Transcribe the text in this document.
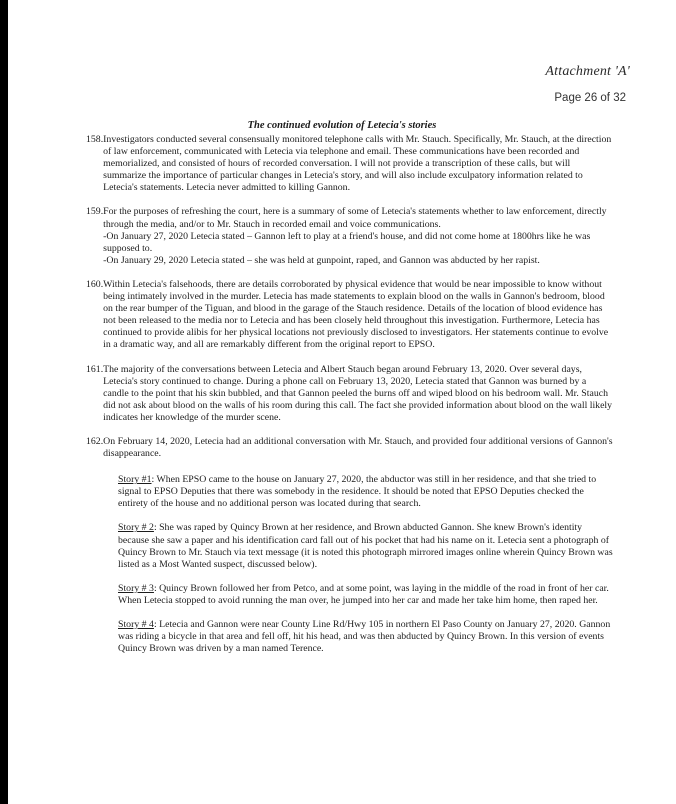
Attachment 'A'
Page 26 of 32
The continued evolution of Letecia's stories
158. Investigators conducted several consensually monitored telephone calls with Mr. Stauch. Specifically, Mr. Stauch, at the direction of law enforcement, communicated with Letecia via telephone and email. These communications have been recorded and memorialized, and consisted of hours of recorded conversation. I will not provide a transcription of these calls, but will summarize the importance of particular changes in Letecia's story, and will also include exculpatory information related to Letecia's statements. Letecia never admitted to killing Gannon.
159. For the purposes of refreshing the court, here is a summary of some of Letecia's statements whether to law enforcement, directly through the media, and/or to Mr. Stauch in recorded email and voice communications.
-On January 27, 2020 Letecia stated – Gannon left to play at a friend's house, and did not come home at 1800hrs like he was supposed to.
-On January 29, 2020 Letecia stated – she was held at gunpoint, raped, and Gannon was abducted by her rapist.
160. Within Letecia's falsehoods, there are details corroborated by physical evidence that would be near impossible to know without being intimately involved in the murder. Letecia has made statements to explain blood on the walls in Gannon's bedroom, blood on the rear bumper of the Tiguan, and blood in the garage of the Stauch residence. Details of the location of blood evidence has not been released to the media nor to Letecia and has been closely held throughout this investigation. Furthermore, Letecia has continued to provide alibis for her physical locations not previously disclosed to investigators. Her statements continue to evolve in a dramatic way, and all are remarkably different from the original report to EPSO.
161. The majority of the conversations between Letecia and Albert Stauch began around February 13, 2020. Over several days, Letecia's story continued to change. During a phone call on February 13, 2020, Letecia stated that Gannon was burned by a candle to the point that his skin bubbled, and that Gannon peeled the burns off and wiped blood on his bedroom wall. Mr. Stauch did not ask about blood on the walls of his room during this call. The fact she provided information about blood on the wall likely indicates her knowledge of the murder scene.
162. On February 14, 2020, Letecia had an additional conversation with Mr. Stauch, and provided four additional versions of Gannon's disappearance.
Story #1: When EPSO came to the house on January 27, 2020, the abductor was still in her residence, and that she tried to signal to EPSO Deputies that there was somebody in the residence. It should be noted that EPSO Deputies checked the entirety of the house and no additional person was located during that search.
Story # 2: She was raped by Quincy Brown at her residence, and Brown abducted Gannon. She knew Brown's identity because she saw a paper and his identification card fall out of his pocket that had his name on it. Letecia sent a photograph of Quincy Brown to Mr. Stauch via text message (it is noted this photograph mirrored images online wherein Quincy Brown was listed as a Most Wanted suspect, discussed below).
Story # 3: Quincy Brown followed her from Petco, and at some point, was laying in the middle of the road in front of her car. When Letecia stopped to avoid running the man over, he jumped into her car and made her take him home, then raped her.
Story # 4: Letecia and Gannon were near County Line Rd/Hwy 105 in northern El Paso County on January 27, 2020. Gannon was riding a bicycle in that area and fell off, hit his head, and was then abducted by Quincy Brown. In this version of events Quincy Brown was driven by a man named Terence.
